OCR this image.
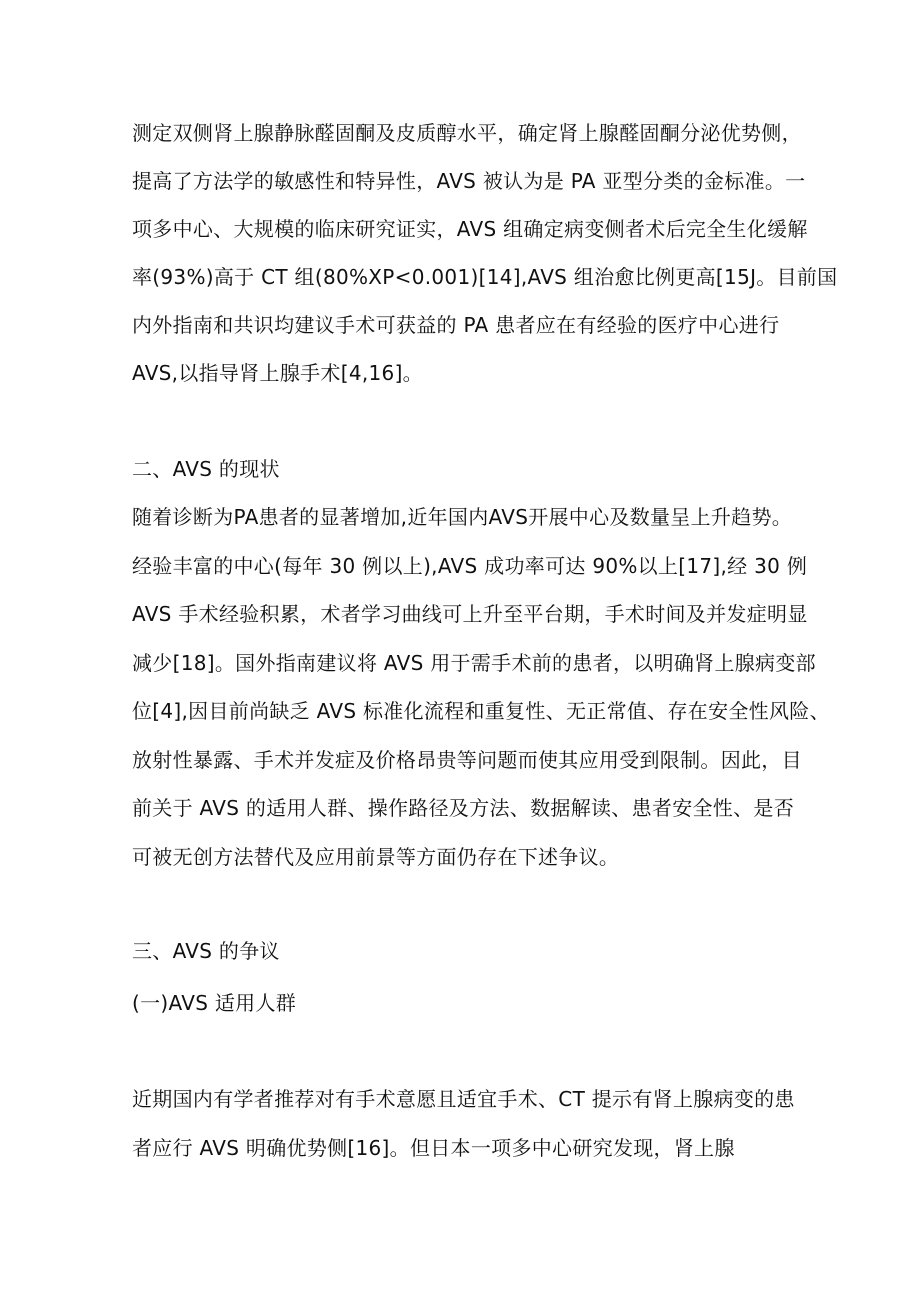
测定双侧肾上腺静脉醛固酮及皮质醇水平，确定肾上腺醛固酮分泌优势侧，
提高了方法学的敏感性和特异性，AVS 被认为是 PA 亚型分类的金标准。一
项多中心、大规模的临床研究证实，AVS 组确定病变侧者术后完全生化缓解
率(93%)高于 CT 组(80%XP<0.001)[14],AVS 组治愈比例更高[15J。目前国
内外指南和共识均建议手术可获益的 PA 患者应在有经验的医疗中心进行
AVS,以指导肾上腺手术[4,16]。
二、AVS 的现状
随着诊断为PA患者的显著增加,近年国内AVS开展中心及数量呈上升趋势。
经验丰富的中心(每年 30 例以上),AVS 成功率可达 90%以上[17],经 30 例
AVS 手术经验积累，术者学习曲线可上升至平台期，手术时间及并发症明显
减少[18]。国外指南建议将 AVS 用于需手术前的患者，以明确肾上腺病变部
位[4],因目前尚缺乏 AVS 标准化流程和重复性、无正常值、存在安全性风险、
放射性暴露、手术并发症及价格昂贵等问题而使其应用受到限制。因此，目
前关于 AVS 的适用人群、操作路径及方法、数据解读、患者安全性、是否
可被无创方法替代及应用前景等方面仍存在下述争议。
三、AVS 的争议
(一)AVS 适用人群
近期国内有学者推荐对有手术意愿且适宜手术、CT 提示有肾上腺病变的患
者应行 AVS 明确优势侧[16]。但日本一项多中心研究发现，肾上腺
